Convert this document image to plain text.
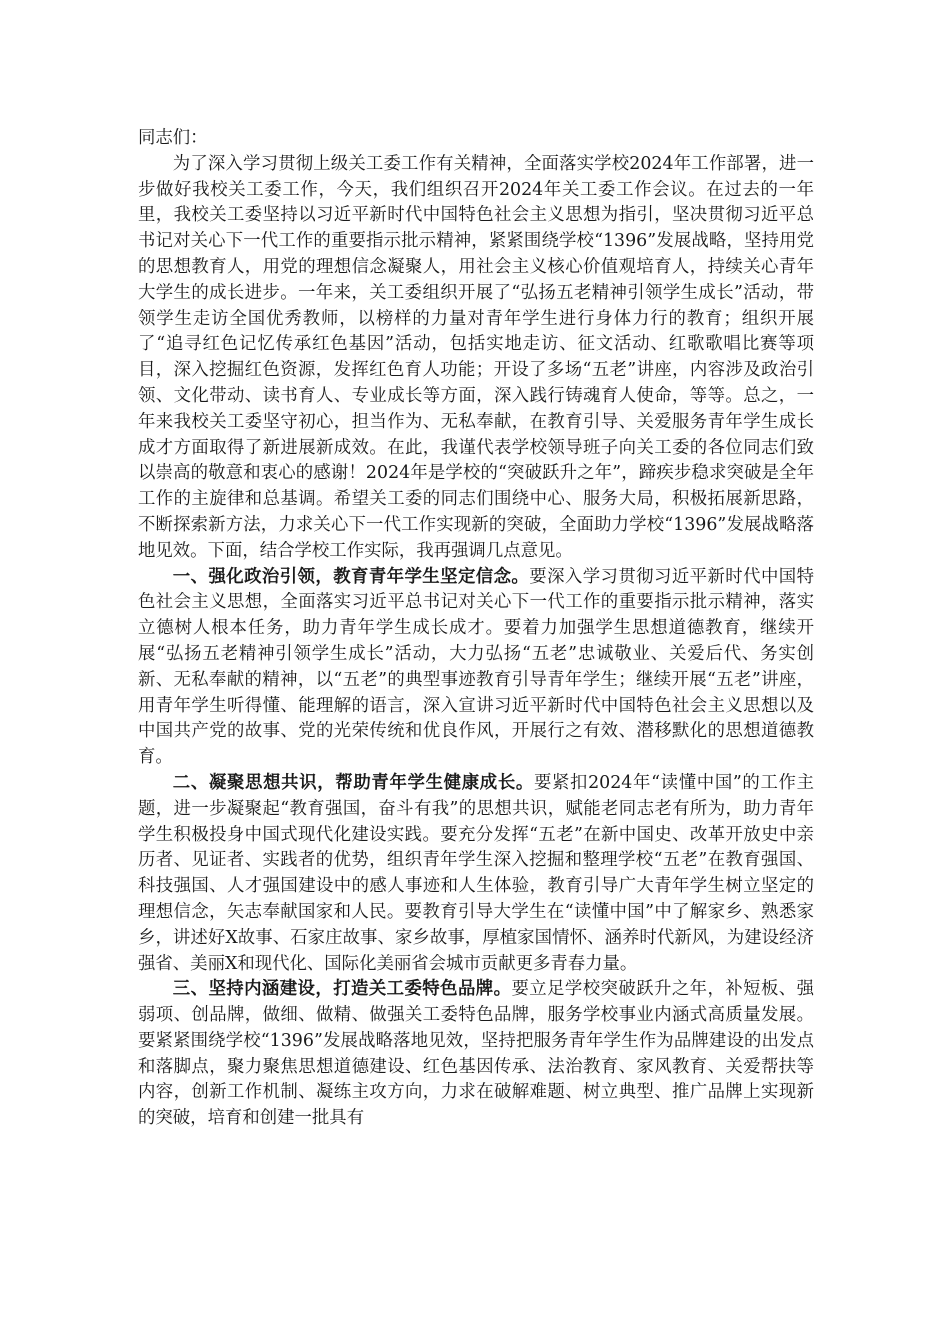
同志们：

为了深入学习贯彻上级关工委工作有关精神，全面落实学校2024年工作部署，进一步做好我校关工委工作，今天，我们组织召开2024年关工委工作会议。在过去的一年里，我校关工委坚持以习近平新时代中国特色社会主义思想为指引，坚决贯彻习近平总书记对关心下一代工作的重要指示批示精神，紧紧围绕学校“1396”发展战略，坚持用党的思想教育人，用党的理想信念凝聚人，用社会主义核心价值观培育人，持续关心青年大学生的成长进步。一年来，关工委组织开展了“弘扬五老精神引领学生成长”活动，带领学生走访全国优秀教师，以榜样的力量对青年学生进行身体力行的教育；组织开展了“追寻红色记忆传承红色基因”活动，包括实地走访、征文活动、红歌歌唱比赛等项目，深入挖掘红色资源，发挥红色育人功能；开设了多场“五老”讲座，内容涉及政治引领、文化带动、读书育人、专业成长等方面，深入践行铸魂育人使命，等等。总之，一年来我校关工委坚守初心，担当作为、无私奉献，在教育引导、关爱服务青年学生成长成才方面取得了新进展新成效。在此，我谨代表学校领导班子向关工委的各位同志们致以崇高的敬意和衷心的感谢！2024年是学校的“突破跃升之年”，蹄疾步稳求突破是全年工作的主旋律和总基调。希望关工委的同志们围绕中心、服务大局，积极拓展新思路，不断探索新方法，力求关心下一代工作实现新的突破，全面助力学校“1396”发展战略落地见效。下面，结合学校工作实际，我再强调几点意见。

一、强化政治引领，教育青年学生坚定信念。要深入学习贯彻习近平新时代中国特色社会主义思想，全面落实习近平总书记对关心下一代工作的重要指示批示精神，落实立德树人根本任务，助力青年学生成长成才。要着力加强学生思想道德教育，继续开展“弘扬五老精神引领学生成长”活动，大力弘扬“五老”忠诚敬业、关爱后代、务实创新、无私奉献的精神，以“五老”的典型事迹教育引导青年学生；继续开展“五老”讲座，用青年学生听得懂、能理解的语言，深入宣讲习近平新时代中国特色社会主义思想以及中国共产党的故事、党的光荣传统和优良作风，开展行之有效、潜移默化的思想道德教育。

二、凝聚思想共识，帮助青年学生健康成长。要紧扣2024年“读懂中国”的工作主题，进一步凝聚起“教育强国，奋斗有我”的思想共识，赋能老同志老有所为，助力青年学生积极投身中国式现代化建设实践。要充分发挥“五老”在新中国史、改革开放史中亲历者、见证者、实践者的优势，组织青年学生深入挖掘和整理学校“五老”在教育强国、科技强国、人才强国建设中的感人事迹和人生体验，教育引导广大青年学生树立坚定的理想信念，矢志奉献国家和人民。要教育引导大学生在“读懂中国”中了解家乡、熟悉家乡，讲述好X故事、石家庄故事、家乡故事，厚植家国情怀、涵养时代新风，为建设经济强省、美丽X和现代化、国际化美丽省会城市贡献更多青春力量。

三、坚持内涵建设，打造关工委特色品牌。要立足学校突破跃升之年，补短板、强弱项、创品牌，做细、做精、做强关工委特色品牌，服务学校事业内涵式高质量发展。要紧紧围绕学校“1396”发展战略落地见效，坚持把服务青年学生作为品牌建设的出发点和落脚点，聚力聚焦思想道德建设、红色基因传承、法治教育、家风教育、关爱帮扶等内容，创新工作机制、凝练主攻方向，力求在破解难题、树立典型、推广品牌上实现新的突破，培育和创建一批具有
